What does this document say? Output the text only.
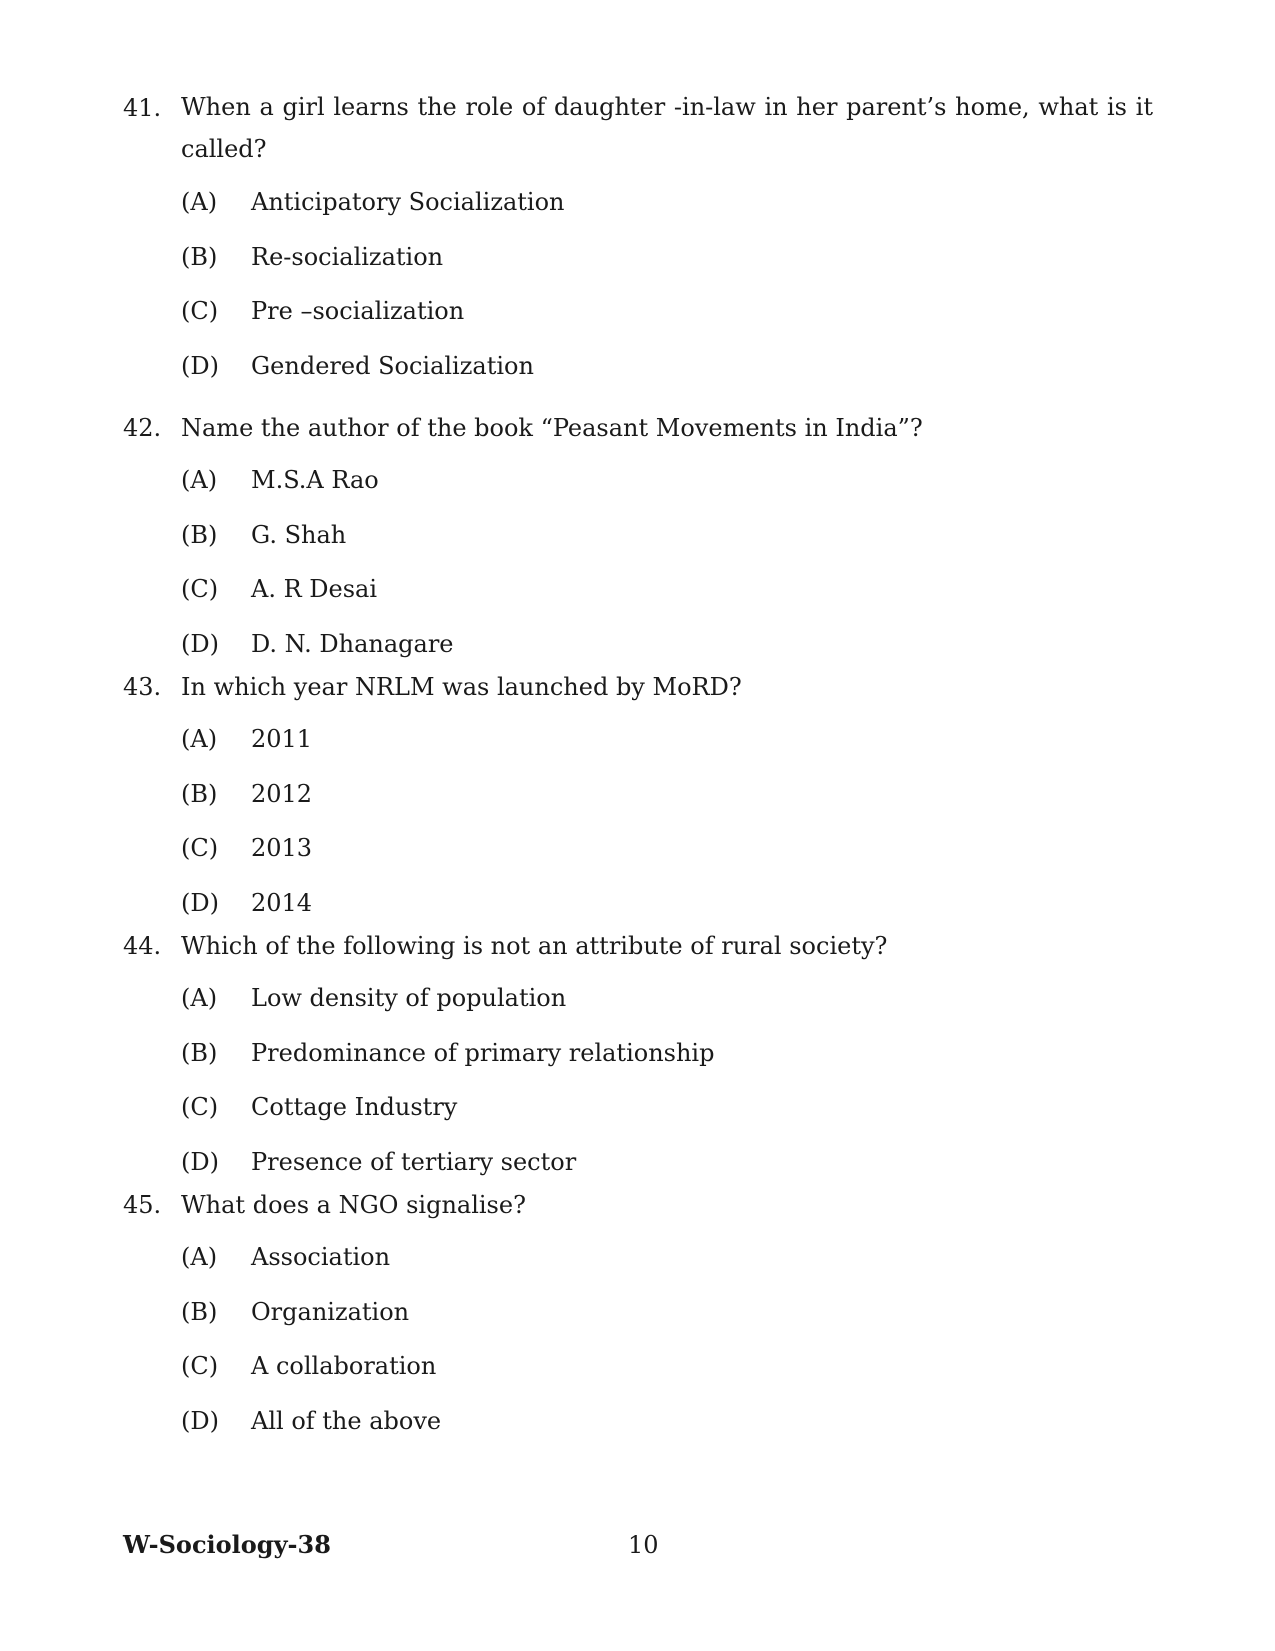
41. When a girl learns the role of daughter -in-law in her parent’s home, what is it called?
(A)	Anticipatory Socialization
(B)	Re-socialization
(C)	Pre –socialization
(D)	Gendered Socialization
42. Name the author of the book “Peasant Movements in India”?
(A)	M.S.A Rao
(B)	G. Shah
(C)	A. R Desai
(D)	D. N. Dhanagare
43. In which year NRLM was launched by MoRD?
(A)	2011
(B)	2012
(C)	2013
(D)	2014
44. Which of the following is not an attribute of rural society?
(A)	Low density of population
(B)	Predominance of primary relationship
(C)	Cottage Industry
(D)	Presence of tertiary sector
45. What does a NGO signalise?
(A)	Association
(B)	Organization
(C)	A collaboration
(D)	All of the above
W-Sociology-38	10
